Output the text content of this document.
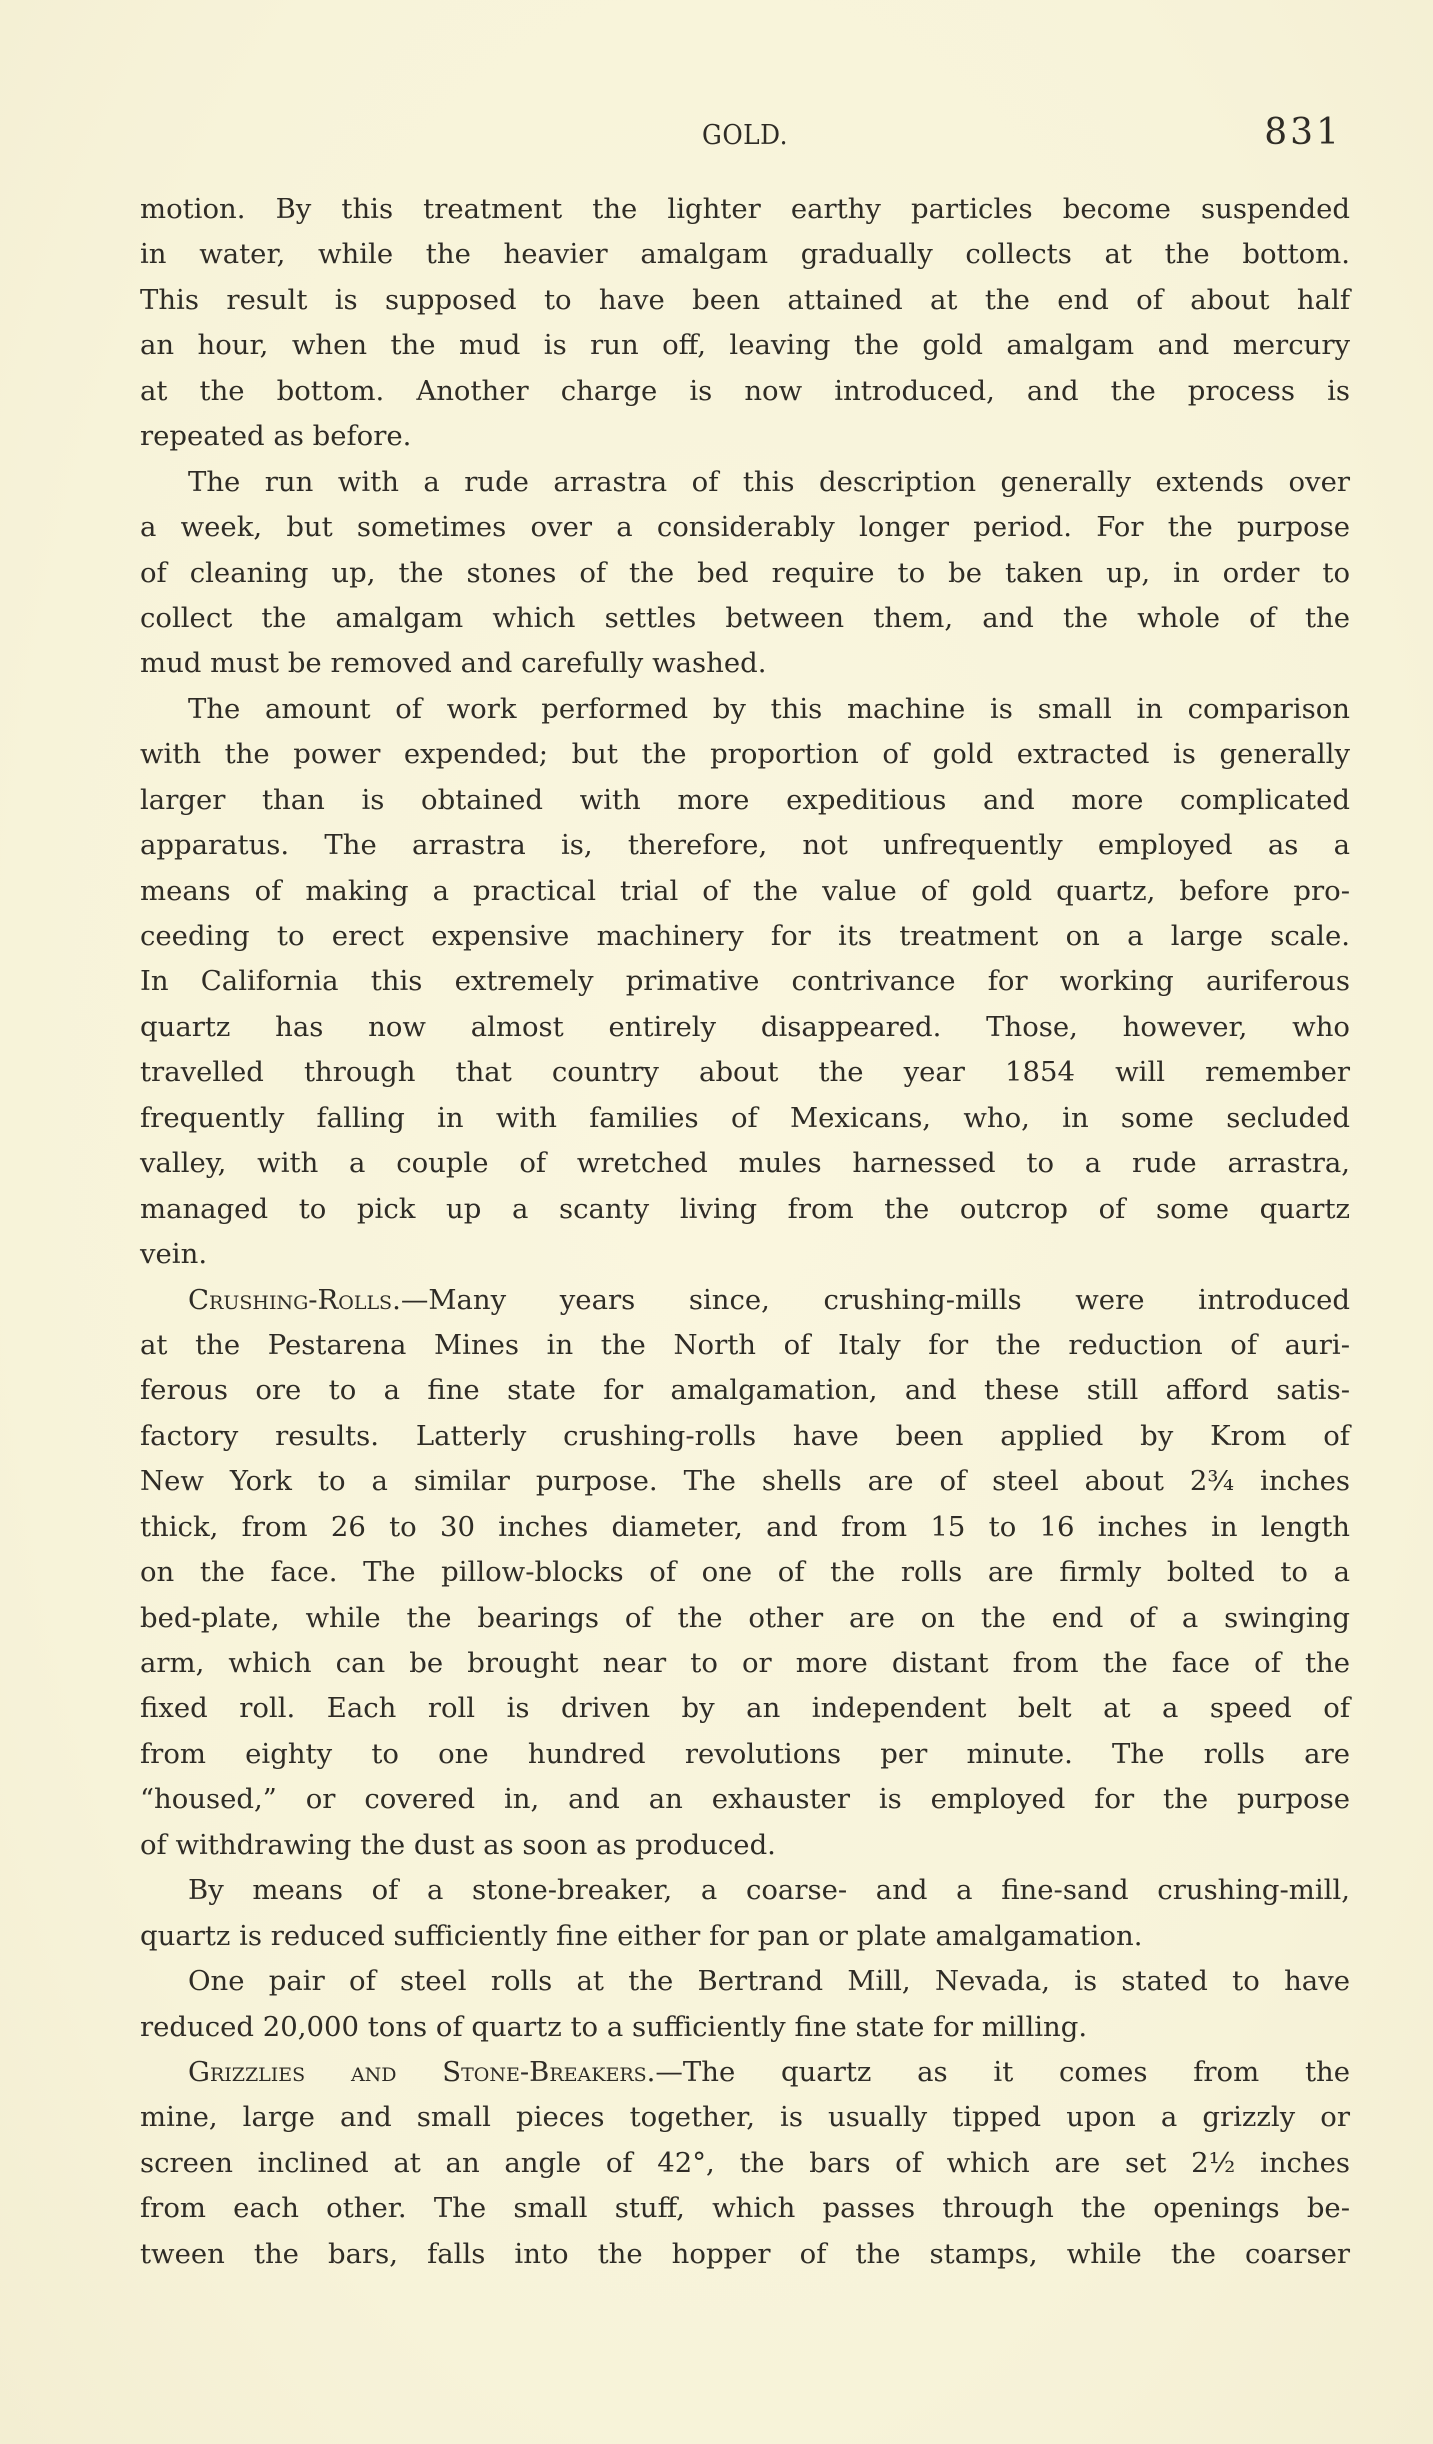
GOLD.	831
motion. By this treatment the lighter earthy particles become suspended
in water, while the heavier amalgam gradually collects at the bottom.
This result is supposed to have been attained at the end of about half
an hour, when the mud is run off, leaving the gold amalgam and mercury
at the bottom. Another charge is now introduced, and the process is
repeated as before.
The run with a rude arrastra of this description generally extends over
a week, but sometimes over a considerably longer period. For the purpose
of cleaning up, the stones of the bed require to be taken up, in order to
collect the amalgam which settles between them, and the whole of the
mud must be removed and carefully washed.
The amount of work performed by this machine is small in comparison
with the power expended; but the proportion of gold extracted is generally
larger than is obtained with more expeditious and more complicated
apparatus. The arrastra is, therefore, not unfrequently employed as a
means of making a practical trial of the value of gold quartz, before pro-
ceeding to erect expensive machinery for its treatment on a large scale.
In California this extremely primative contrivance for working auriferous
quartz has now almost entirely disappeared. Those, however, who
travelled through that country about the year 1854 will remember
frequently falling in with families of Mexicans, who, in some secluded
valley, with a couple of wretched mules harnessed to a rude arrastra,
managed to pick up a scanty living from the outcrop of some quartz
vein.
Crushing-Rolls.—Many years since, crushing-mills were introduced
at the Pestarena Mines in the North of Italy for the reduction of auri-
ferous ore to a fine state for amalgamation, and these still afford satis-
factory results. Latterly crushing-rolls have been applied by Krom of
New York to a similar purpose. The shells are of steel about 2¾ inches
thick, from 26 to 30 inches diameter, and from 15 to 16 inches in length
on the face. The pillow-blocks of one of the rolls are firmly bolted to a
bed-plate, while the bearings of the other are on the end of a swinging
arm, which can be brought near to or more distant from the face of the
fixed roll. Each roll is driven by an independent belt at a speed of
from eighty to one hundred revolutions per minute. The rolls are
“housed,” or covered in, and an exhauster is employed for the purpose
of withdrawing the dust as soon as produced.
By means of a stone-breaker, a coarse- and a fine-sand crushing-mill,
quartz is reduced sufficiently fine either for pan or plate amalgamation.
One pair of steel rolls at the Bertrand Mill, Nevada, is stated to have
reduced 20,000 tons of quartz to a sufficiently fine state for milling.
Grizzlies and Stone-Breakers.—The quartz as it comes from the
mine, large and small pieces together, is usually tipped upon a grizzly or
screen inclined at an angle of 42°, the bars of which are set 2½ inches
from each other. The small stuff, which passes through the openings be-
tween the bars, falls into the hopper of the stamps, while the coarser
